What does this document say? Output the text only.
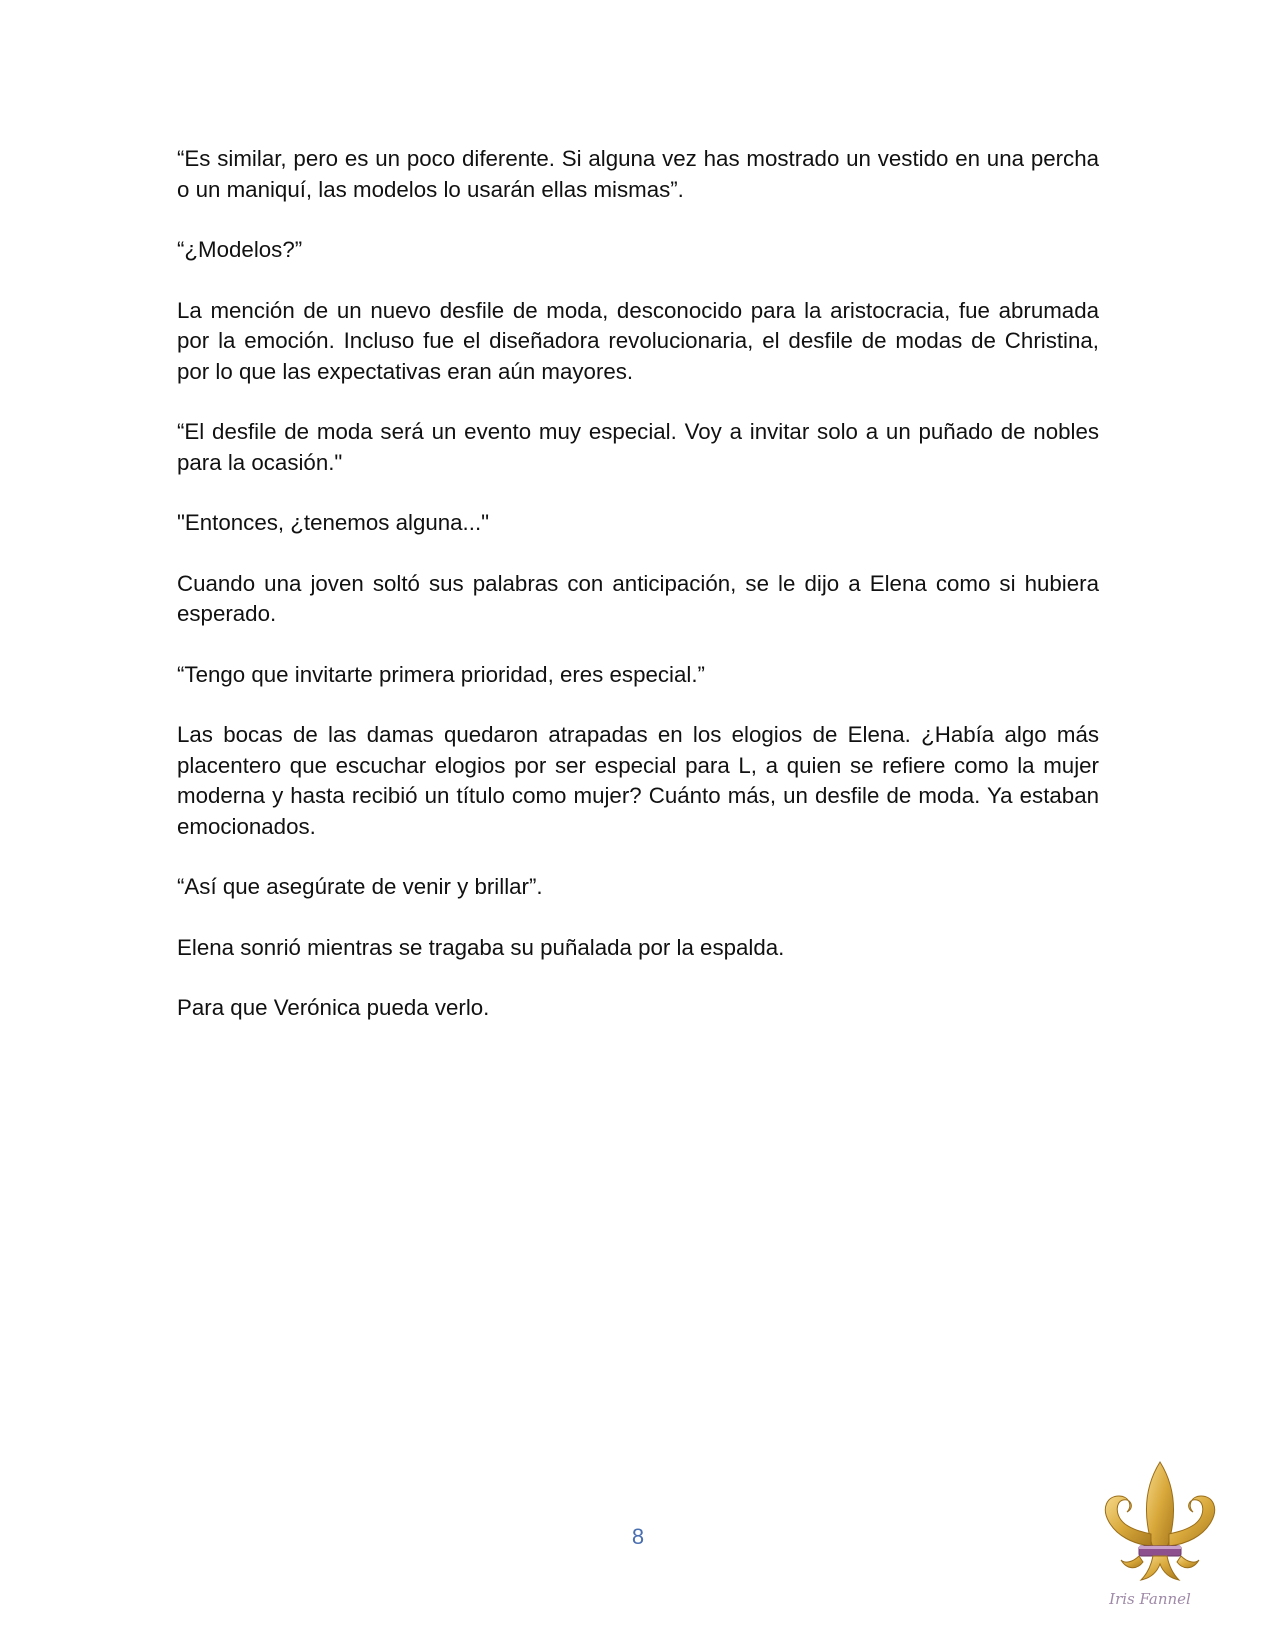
“Es similar, pero es un poco diferente. Si alguna vez has mostrado un vestido en una percha o un maniquí, las modelos lo usarán ellas mismas”.

“¿Modelos?”

La mención de un nuevo desfile de moda, desconocido para la aristocracia, fue abrumada por la emoción. Incluso fue el diseñadora revolucionaria, el desfile de modas de Christina, por lo que las expectativas eran aún mayores.

“El desfile de moda será un evento muy especial. Voy a invitar solo a un puñado de nobles para la ocasión."

"Entonces, ¿tenemos alguna..."

Cuando una joven soltó sus palabras con anticipación, se le dijo a Elena como si hubiera esperado.

“Tengo que invitarte primera prioridad, eres especial.”

Las bocas de las damas quedaron atrapadas en los elogios de Elena. ¿Había algo más placentero que escuchar elogios por ser especial para L, a quien se refiere como la mujer moderna y hasta recibió un título como mujer? Cuánto más, un desfile de moda. Ya estaban emocionados.

“Así que asegúrate de venir y brillar”.

Elena sonrió mientras se tragaba su puñalada por la espalda.

Para que Verónica pueda verlo.

8
Iris Fannel
